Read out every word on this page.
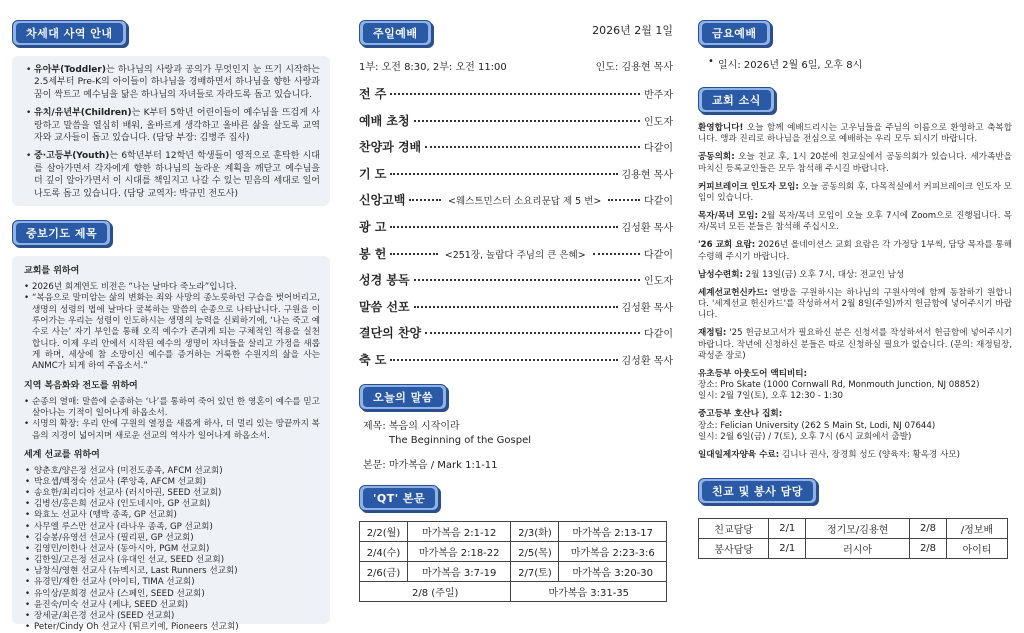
차세대 사역 안내
• 유아부(Toddler)는 하나님의 사랑과 공의가 무엇인지 눈 뜨기 시작하는 2.5세부터 Pre-K의 아이들이 하나님을 경배하면서 하나님을 향한 사랑과 꿈이 싹트고 예수님을 닮은 하나님의 자녀들로 자라도록 돕고 있습니다.
• 유치/유년부(Children)는 K부터 5학년 어린이들이 예수님을 뜨겁게 사랑하고 말씀을 열심히 배워, 올바르게 생각하고 올바른 삶을 살도록 교역자와 교사들이 돕고 있습니다. (담당 부장: 김병주 집사)
• 중·고등부(Youth)는 6학년부터 12학년 학생들이 영적으로 훈탁한 시대를 살아가면서 각자에게 향한 하나님의 놀라운 계획을 깨닫고 예수님을 더 깊이 알아가면서 이 시대를 책임지고 나갈 수 있는 믿음의 세대로 일어나도록 돕고 있습니다. (담당 교역자: 박규민 전도사)
중보기도 제목
교회를 위하여
• 2026년 회계연도 비전은 “나는 날마다 죽노라”입니다.
• “복음으로 말미암는 삶의 변화는 죄와 사망의 종노릇하던 구습을 벗어버리고, 생명의 성령의 법에 날마다 굴복하는 말씀의 순종으로 나타납니다. 구원을 이루어가는 우리는 성령이 인도하시는 생명의 능력을 신뢰하기에, ‘나는 죽고 예수로 사는’ 자기 부인을 통해 오직 예수가 존귀케 되는 구체적인 적용을 실천합니다. 이제 우리 안에서 시작된 예수의 생명이 자녀들을 살리고 가정을 새롭게 하며, 세상에 참 소망이신 예수를 증거하는 거룩한 수원지의 삶을 사는 ANMC가 되게 하여 주옵소서.”
지역 복음화와 전도를 위하여
• 순종의 열매: 말씀에 순종하는 ‘나’를 통하여 죽어 있던 한 영혼이 예수를 믿고 살아나는 기적이 일어나게 하옵소서.
• 시명의 확장: 우리 안에 구원의 열정을 새롭게 하사, 더 멀리 있는 땅끝까지 복음의 지경이 넓어지며 새로운 선교의 역사가 일어나게 하옵소서.
세계 선교를 위하여
• 양춘호/양은정 선교사 (미전도종족, AFCM 선교회)
• 박요셉/백정숙 선교사 (쭈앙족, AFCM 선교회)
• 송요한/최리디아 선교사 (러시아권, SEED 선교회)
• 김병선/홍은희 선교사 (인도네시아, GP 선교회)
• 와효노 선교사 (뗑박 종족, GP 선교회)
• 사무엘 루스만 선교사 (라나우 종족, GP 선교회)
• 김승봉/유영선 선교사 (필리핀, GP 선교회)
• 김영민/이한나 선교사 (동아시아, PGM 선교회)
• 김한일/고은정 선교사 (유대인 선교, SEED 선교회)
• 남창식/영현 선교사 (뉴멕시코, Last Runners 선교회)
• 유경민/재한 선교사 (아이티, TIMA 선교회)
• 유익상/문희경 선교사 (스페인, SEED 선교회)
• 윤진숙/미숙 선교사 (케냐, SEED 선교회)
• 장세균/최은경 선교사 (SEED 선교회)
• Peter/Cindy Oh 선교사 (튀르키예, Pioneers 선교회)
주일예배	2026년 2월 1일
1부: 오전 8:30, 2부: 오전 11:00	인도: 김용현 목사
전 주	반주자
예배 초청	인도자
찬양과 경배	다같이
기 도	김용현 목사
신앙고백	<웨스트민스터 소요리문답 제 5 번>	다같이
광 고	김성환 목사
봉 헌	<251장, 놀랍다 주님의 큰 은혜>	다같이
성경 봉독	인도자
말씀 선포	김성환 목사
결단의 찬양	다같이
축 도	김성환 목사
오늘의 말씀
제목: 복음의 시작이라
The Beginning of the Gospel
본문: 마가복음 / Mark 1:1-11
'QT' 본문
2/2(월)	마가복음 2:1-12	2/3(화)	마가복음 2:13-17
2/4(수)	마가복음 2:18-22	2/5(목)	마가복음 2:23-3:6
2/6(금)	마가복음 3:7-19	2/7(토)	마가복음 3:20-30
2/8 (주일)		마가복음 3:31-35	
금요예배
• 일시: 2026년 2월 6일, 오후 8시
교회 소식
환영합니다! 오늘 함께 예배드리시는 고우님들을 주님의 이름으로 환영하고 축복합니다. 앵과 진리로 하나님을 전심으로 예배하는 우리 모두 되시기 바랍니다.
공동의회: 오늘 친교 후, 1시 20분에 친교실에서 공동의회가 있습니다. 세가족반을 마치신 등록교인들은 모두 참석해 주시길 바랍니다.
커피브레이크 인도자 모임: 오늘 공동의회 후, 다목적실에서 커피브레이크 인도자 모임이 있습니다.
목자/목녀 모임: 2월 목자/목녀 모임이 오늘 오후 7시에 Zoom으로 진행됩니다. 목자/목녀 모든 분들은 참석해 주십시오.
'26 교회 요람: 2026년 올네이션스 교회 요람은 각 가정당 1부씩, 담당 목자를 통해 수령해 주시기 바랍니다.
남성수련회: 2월 13일(금) 오후 7시, 대상: 전교인 남성
세계선교헌신카드: 열방을 구원하시는 하나님의 구원사역에 함께 동참하기 원합니다. '세계선교 헌신카드'를 작성하셔서 2월 8일(주일)까지 헌금함에 넣어주시기 바랍니다.
재정팀: '25 헌금보고서가 필요하신 분은 신청서를 작성하셔서 헌금함에 넣어주시기 바랍니다. 작년에 신청하신 분들은 따로 신청하실 필요가 없습니다. (문의: 재정팀장, 곽성준 장로)
유초등부 아웃도어 액티비티:
장소: Pro Skate (1000 Cornwall Rd, Monmouth Junction, NJ 08852)
일시: 2월 7일(토), 오후 12:30 - 1:30
중고등부 호산나 집회:
장소: Felician University (262 S Main St, Lodi, NJ 07644)
일시: 2월 6일(금) / 7(토), 오후 7시 (6시 교회에서 출발)
일대일제자양육 수료: 김니나 권사, 장경희 성도 (양육자: 황옥경 사모)
친교 및 봉사 담당
친교담당	2/1	정기모/김용현	2/8	/정보배
봉사담당	2/1	러시아	2/8	아이티
